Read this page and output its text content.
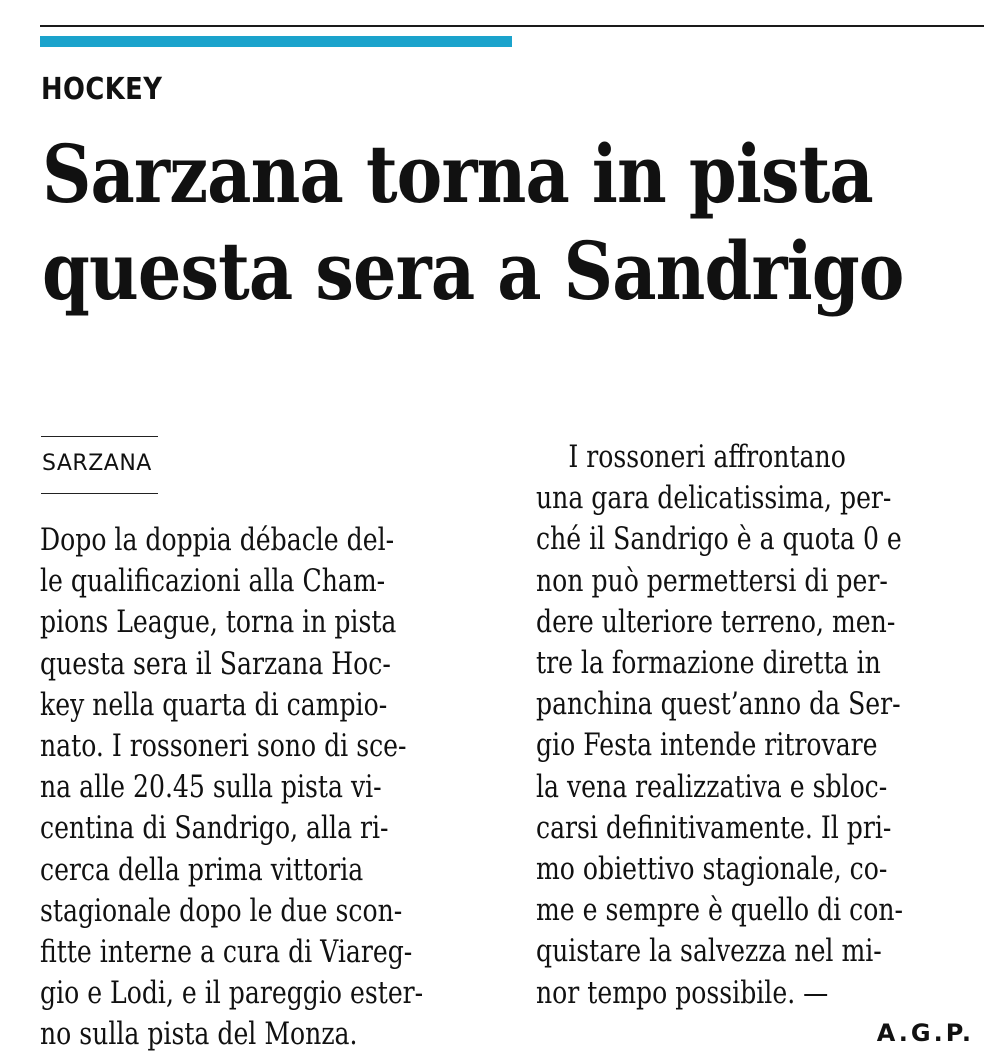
HOCKEY
Sarzana torna in pista
questa sera a Sandrigo
SARZANA
Dopo la doppia débacle del-
le qualificazioni alla Cham-
pions League, torna in pista
questa sera il Sarzana Hoc-
key nella quarta di campio-
nato. I rossoneri sono di sce-
na alle 20.45 sulla pista vi-
centina di Sandrigo, alla ri-
cerca della prima vittoria
stagionale dopo le due scon-
fitte interne a cura di Viareg-
gio e Lodi, e il pareggio ester-
no sulla pista del Monza.
I rossoneri affrontano
una gara delicatissima, per-
ché il Sandrigo è a quota 0 e
non può permettersi di per-
dere ulteriore terreno, men-
tre la formazione diretta in
panchina quest’anno da Ser-
gio Festa intende ritrovare
la vena realizzativa e sbloc-
carsi definitivamente. Il pri-
mo obiettivo stagionale, co-
me e sempre è quello di con-
quistare la salvezza nel mi-
nor tempo possibile. —
A.G.P.
